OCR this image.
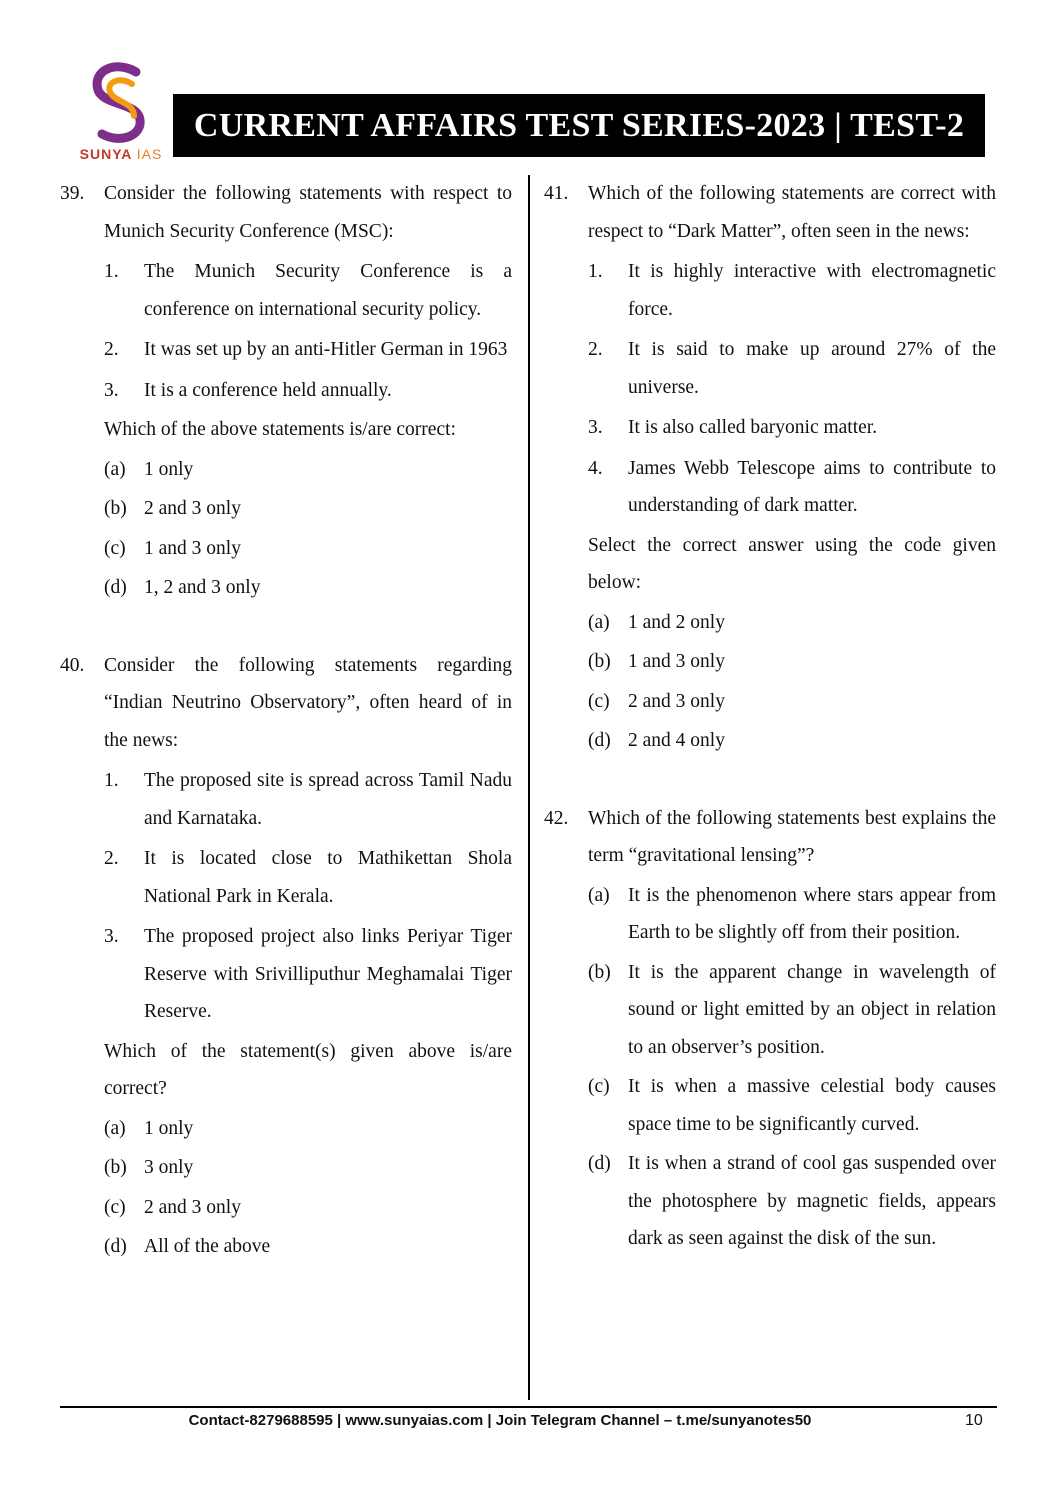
SUNYA IAS
CURRENT AFFAIRS TEST SERIES-2023 | TEST-2
39.	Consider the following statements with respect to Munich Security Conference (MSC):
1.	The Munich Security Conference is a conference on international security policy.
2.	It was set up by an anti-Hitler German in 1963
3.	It is a conference held annually.
Which of the above statements is/are correct:
(a) 1 only
(b) 2 and 3 only
(c) 1 and 3 only
(d) 1, 2 and 3 only
40.	Consider the following statements regarding “Indian Neutrino Observatory”, often heard of in the news:
1.	The proposed site is spread across Tamil Nadu and Karnataka.
2.	It is located close to Mathikettan Shola National Park in Kerala.
3.	The proposed project also links Periyar Tiger Reserve with Srivilliputhur Meghamalai Tiger Reserve.
Which of the statement(s) given above is/are correct?
(a) 1 only
(b) 3 only
(c) 2 and 3 only
(d) All of the above
41.	Which of the following statements are correct with respect to “Dark Matter”, often seen in the news:
1.	It is highly interactive with electromagnetic force.
2.	It is said to make up around 27% of the universe.
3.	It is also called baryonic matter.
4.	James Webb Telescope aims to contribute to understanding of dark matter.
Select the correct answer using the code given below:
(a) 1 and 2 only
(b) 1 and 3 only
(c) 2 and 3 only
(d) 2 and 4 only
42.	Which of the following statements best explains the term “gravitational lensing”?
(a) It is the phenomenon where stars appear from Earth to be slightly off from their position.
(b) It is the apparent change in wavelength of sound or light emitted by an object in relation to an observer’s position.
(c) It is when a massive celestial body causes space time to be significantly curved.
(d) It is when a strand of cool gas suspended over the photosphere by magnetic fields, appears dark as seen against the disk of the sun.
Contact-8279688595 | www.sunyaias.com | Join Telegram Channel – t.me/sunyanotes50	10
